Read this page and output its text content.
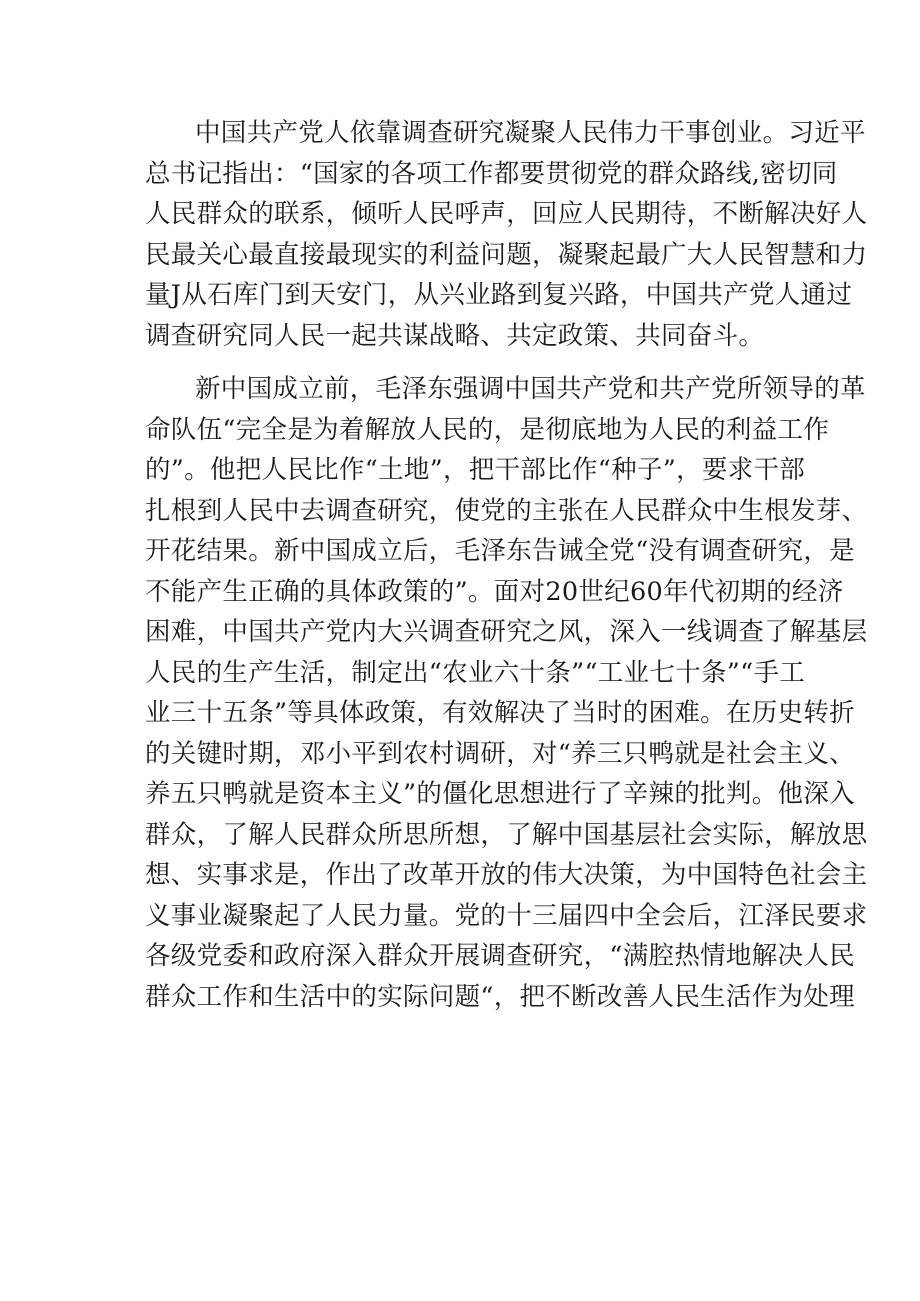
中国共产党人依靠调查研究凝聚人民伟力干事创业。习近平
总书记指出：“国家的各项工作都要贯彻党的群众路线,密切同
人民群众的联系，倾听人民呼声，回应人民期待，不断解决好人
民最关心最直接最现实的利益问题，凝聚起最广大人民智慧和力
量J从石库门到天安门，从兴业路到复兴路，中国共产党人通过
调查研究同人民一起共谋战略、共定政策、共同奋斗。
新中国成立前，毛泽东强调中国共产党和共产党所领导的革
命队伍“完全是为着解放人民的，是彻底地为人民的利益工作
的”。他把人民比作“土地”，把干部比作“种子”，要求干部
扎根到人民中去调查研究，使党的主张在人民群众中生根发芽、
开花结果。新中国成立后，毛泽东告诫全党“没有调查研究，是
不能产生正确的具体政策的”。面对20世纪60年代初期的经济
困难，中国共产党内大兴调查研究之风，深入一线调查了解基层
人民的生产生活，制定出“农业六十条”“工业七十条”“手工
业三十五条”等具体政策，有效解决了当时的困难。在历史转折
的关键时期，邓小平到农村调研，对“养三只鸭就是社会主义、
养五只鸭就是资本主义”的僵化思想进行了辛辣的批判。他深入
群众，了解人民群众所思所想，了解中国基层社会实际，解放思
想、实事求是，作出了改革开放的伟大决策，为中国特色社会主
义事业凝聚起了人民力量。党的十三届四中全会后，江泽民要求
各级党委和政府深入群众开展调查研究，“满腔热情地解决人民
群众工作和生活中的实际问题“，把不断改善人民生活作为处理
